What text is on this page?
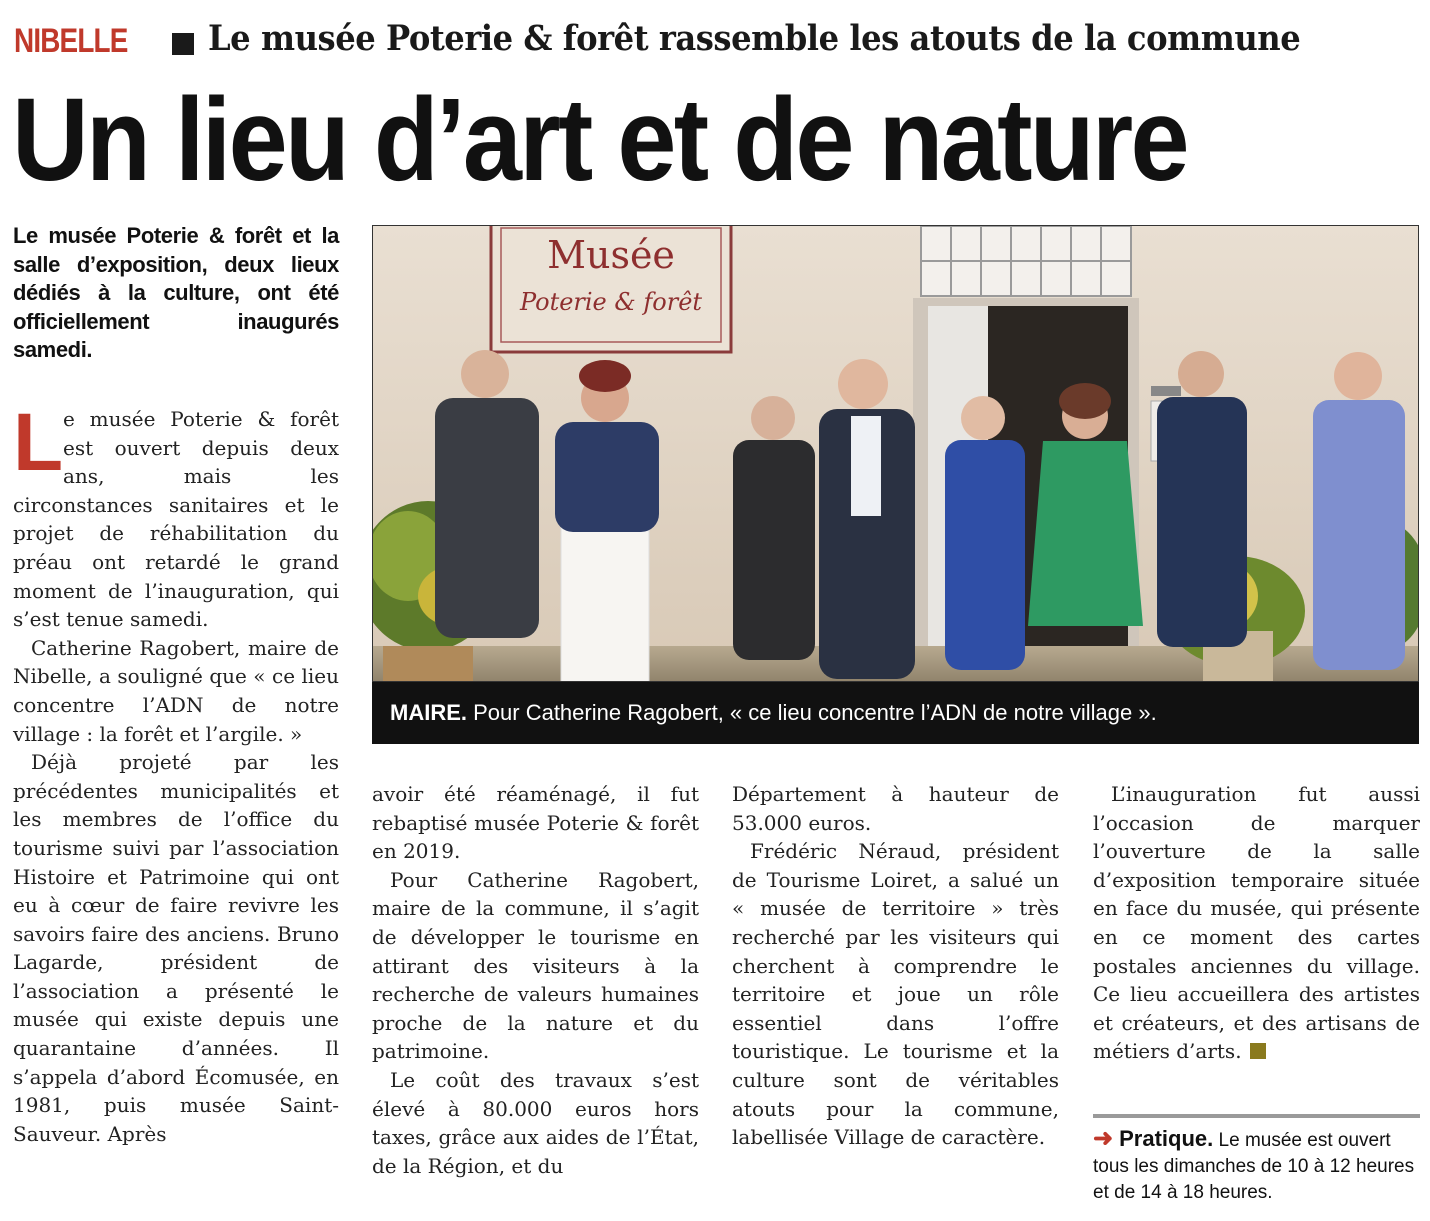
NIBELLE Le musée Poterie & forêt rassemble les atouts de la commune
Un lieu d’art et de nature
Le musée Poterie & forêt et la salle d’exposition, deux lieux dédiés à la culture, ont été officiellement inaugurés samedi.

Le musée Poterie & forêt est ouvert depuis deux ans, mais les circonstances sanitaires et le projet de réhabilitation du préau ont retardé le grand moment de l’inauguration, qui s’est tenue samedi.

Catherine Ragobert, maire de Nibelle, a souligné que « ce lieu concentre l’ADN de notre village : la forêt et l’argile. »

Déjà projeté par les précédentes municipalités et les membres de l’office du tourisme suivi par l’association Histoire et Patrimoine qui ont eu à cœur de faire revivre les savoirs faire des anciens. Bruno Lagarde, président de l’association a présenté le musée qui existe depuis une quarantaine d’années. Il s’appela d’abord Écomusée, en 1981, puis musée Saint-Sauveur. Après

Musée
Poterie & forêt
MAIRE. Pour Catherine Ragobert, « ce lieu concentre l’ADN de notre village ».

avoir été réaménagé, il fut rebaptisé musée Poterie & forêt en 2019.

Pour Catherine Ragobert, maire de la commune, il s’agit de développer le tourisme en attirant des visiteurs à la recherche de valeurs humaines proche de la nature et du patrimoine.

Le coût des travaux s’est élevé à 80.000 euros hors taxes, grâce aux aides de l’État, de la Région, et du

Département à hauteur de 53.000 euros.

Frédéric Néraud, président de Tourisme Loiret, a salué un « musée de territoire » très recherché par les visiteurs qui cherchent à comprendre le territoire et joue un rôle essentiel dans l’offre touristique. Le tourisme et la culture sont de véritables atouts pour la commune, labellisée Village de caractère.

L’inauguration fut aussi l’occasion de marquer l’ouverture de la salle d’exposition temporaire située en face du musée, qui présente en ce moment des cartes postales anciennes du village. Ce lieu accueillera des artistes et créateurs, et des artisans de métiers d’arts.

➜ Pratique. Le musée est ouvert tous les dimanches de 10 à 12 heures et de 14 à 18 heures.
